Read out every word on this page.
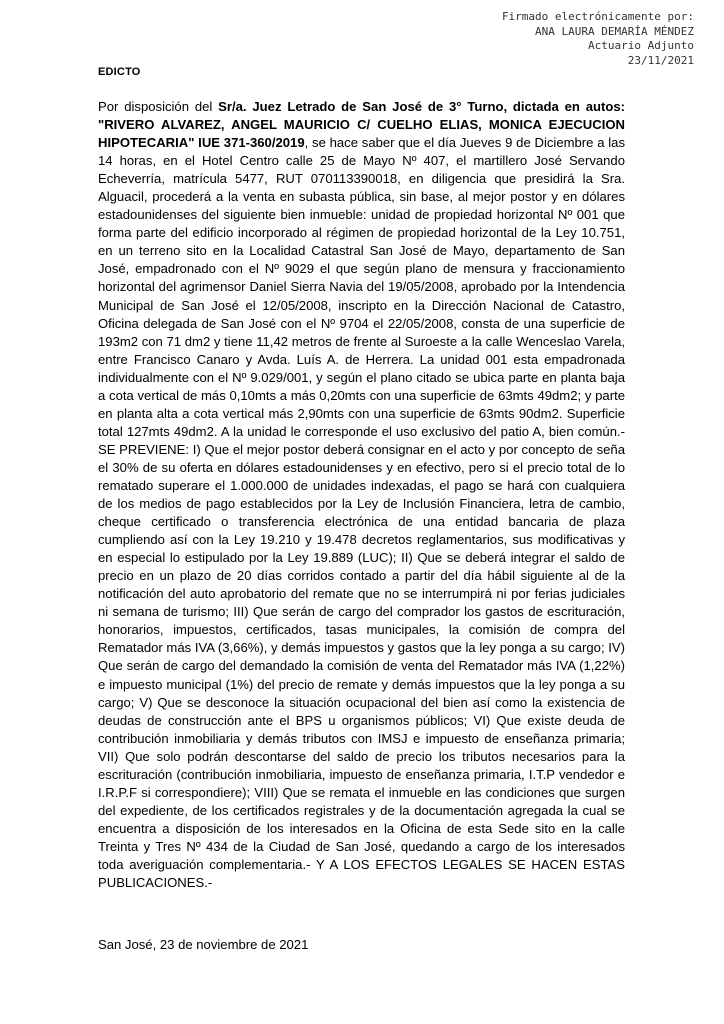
Firmado electrónicamente por:
ANA LAURA DEMARÍA MÉNDEZ
Actuario Adjunto
23/11/2021
EDICTO

Por disposición del Sr/a. Juez Letrado de San José de 3° Turno, dictada en autos: "RIVERO ALVAREZ, ANGEL MAURICIO C/ CUELHO ELIAS, MONICA EJECUCION HIPOTECARIA" IUE 371-360/2019, se hace saber que el día Jueves 9 de Diciembre a las 14 horas, en el Hotel Centro calle 25 de Mayo Nº 407, el martillero José Servando Echeverría, matrícula 5477, RUT 070113390018, en diligencia que presidirá la Sra. Alguacil, procederá a la venta en subasta pública, sin base, al mejor postor y en dólares estadounidenses del siguiente bien inmueble: unidad de propiedad horizontal Nº 001 que forma parte del edificio incorporado al régimen de propiedad horizontal de la Ley 10.751, en un terreno sito en la Localidad Catastral San José de Mayo, departamento de San José, empadronado con el Nº 9029 el que según plano de mensura y fraccionamiento horizontal del agrimensor Daniel Sierra Navia del 19/05/2008, aprobado por la Intendencia Municipal de San José el 12/05/2008, inscripto en la Dirección Nacional de Catastro, Oficina delegada de San José con el Nº 9704 el 22/05/2008, consta de una superficie de 193m2 con 71 dm2 y tiene 11,42 metros de frente al Suroeste a la calle Wenceslao Varela, entre Francisco Canaro y Avda. Luís A. de Herrera. La unidad 001 esta empadronada individualmente con el Nº 9.029/001, y según el plano citado se ubica parte en planta baja a cota vertical de más 0,10mts a más 0,20mts con una superficie de 63mts 49dm2; y parte en planta alta a cota vertical más 2,90mts con una superficie de 63mts 90dm2. Superficie total 127mts 49dm2. A la unidad le corresponde el uso exclusivo del patio A, bien común.- SE PREVIENE: I) Que el mejor postor deberá consignar en el acto y por concepto de seña el 30% de su oferta en dólares estadounidenses y en efectivo, pero si el precio total de lo rematado superare el 1.000.000 de unidades indexadas, el pago se hará con cualquiera de los medios de pago establecidos por la Ley de Inclusión Financiera, letra de cambio, cheque certificado o transferencia electrónica de una entidad bancaria de plaza cumpliendo así con la Ley 19.210 y 19.478 decretos reglamentarios, sus modificativas y en especial lo estipulado por la Ley 19.889 (LUC); II) Que se deberá integrar el saldo de precio en un plazo de 20 días corridos contado a partir del día hábil siguiente al de la notificación del auto aprobatorio del remate que no se interrumpirá ni por ferias judiciales ni semana de turismo; III) Que serán de cargo del comprador los gastos de escrituración, honorarios, impuestos, certificados, tasas municipales, la comisión de compra del Rematador más IVA (3,66%), y demás impuestos y gastos que la ley ponga a su cargo; IV) Que serán de cargo del demandado la comisión de venta del Rematador más IVA (1,22%) e impuesto municipal (1%) del precio de remate y demás impuestos que la ley ponga a su cargo; V) Que se desconoce la situación ocupacional del bien así como la existencia de deudas de construcción ante el BPS u organismos públicos; VI) Que existe deuda de contribución inmobiliaria y demás tributos con IMSJ e impuesto de enseñanza primaria; VII) Que solo podrán descontarse del saldo de precio los tributos necesarios para la escrituración (contribución inmobiliaria, impuesto de enseñanza primaria, I.T.P vendedor e I.R.P.F si correspondiere); VIII) Que se remata el inmueble en las condiciones que surgen del expediente, de los certificados registrales y de la documentación agregada la cual se encuentra a disposición de los interesados en la Oficina de esta Sede sito en la calle Treinta y Tres Nº 434 de la Ciudad de San José, quedando a cargo de los interesados toda averiguación complementaria.- Y A LOS EFECTOS LEGALES SE HACEN ESTAS PUBLICACIONES.-

San José, 23 de noviembre de 2021
